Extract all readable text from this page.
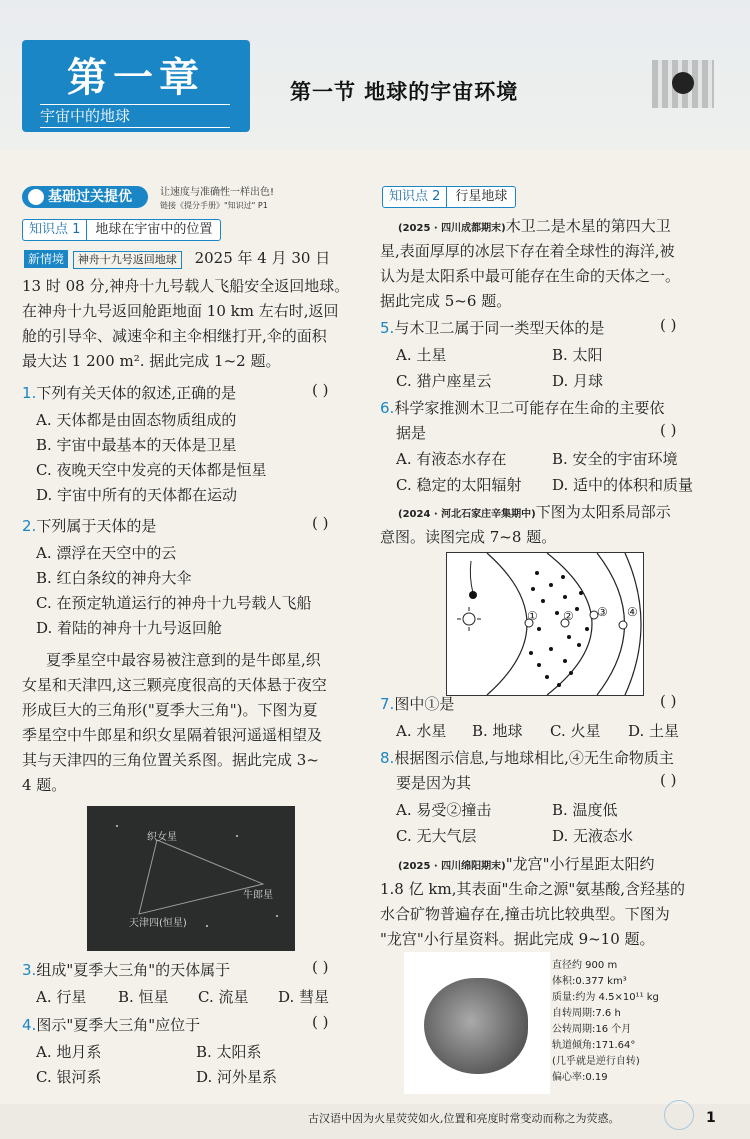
第一章
宇宙中的地球
第一节 地球的宇宙环境
基础过关提优	让速度与准确性一样出色!
链接《提分手册》"知识过" P1
知识点 1 地球在宇宙中的位置
新情境 神舟十九号返回地球 2025 年 4 月 30 日
13 时 08 分,神舟十九号载人飞船安全返回地球。
在神舟十九号返回舱距地面 10 km 左右时,返回
舱的引导伞、减速伞和主伞相继打开,伞的面积
最大达 1 200 m². 据此完成 1~2 题。
1.下列有关天体的叙述,正确的是	( )
A. 天体都是由固态物质组成的
B. 宇宙中最基本的天体是卫星
C. 夜晚天空中发亮的天体都是恒星
D. 宇宙中所有的天体都在运动
2.下列属于天体的是	( )
A. 漂浮在天空中的云
B. 红白条纹的神舟大伞
C. 在预定轨道运行的神舟十九号载人飞船
D. 着陆的神舟十九号返回舱
夏季星空中最容易被注意到的是牛郎星,织
女星和天津四,这三颗亮度很高的天体悬于夜空
形成巨大的三角形("夏季大三角")。下图为夏
季星空中牛郎星和织女星隔着银河遥遥相望及
其与天津四的三角位置关系图。据此完成 3~
4 题。
织女星
牛郎星
天津四(恒星)
3.组成"夏季大三角"的天体属于	( )
A. 行星 B. 恒星 C. 流星 D. 彗星
4.图示"夏季大三角"应位于	( )
A. 地月系	B. 太阳系
C. 银河系	D. 河外星系
知识点 2 行星地球
(2025 · 四川成都期末)木卫二是木星的第四大卫
星,表面厚厚的冰层下存在着全球性的海洋,被
认为是太阳系中最可能存在生命的天体之一。
据此完成 5~6 题。
5.与木卫二属于同一类型天体的是	( )
A. 土星	B. 太阳
C. 猎户座星云	D. 月球
6.科学家推测木卫二可能存在生命的主要依
据是	( )
A. 有液态水存在	B. 安全的宇宙环境
C. 稳定的太阳辐射 D. 适中的体积和质量
(2024 · 河北石家庄辛集期中)下图为太阳系局部示
意图。读图完成 7~8 题。
① ② ③ ④
7.图中①是	( )
A. 水星 B. 地球 C. 火星 D. 土星
8.根据图示信息,与地球相比,④无生命物质主
要是因为其	( )
A. 易受②撞击	B. 温度低
C. 无大气层	D. 无液态水
(2025 · 四川绵阳期末)"龙宫"小行星距太阳约
1.8 亿 km,其表面"生命之源"氨基酸,含羟基的
水合矿物普遍存在,撞击坑比较典型。下图为
"龙宫"小行星资料。据此完成 9~10 题。
直径约 900 m
体积:0.377 km³
质量:约为 4.5×10¹¹ kg
自转周期:7.6 h
公转周期:16 个月
轨道倾角:171.64°
(几乎就是逆行自转)
偏心率:0.19
古汉语中因为火星荧荧如火,位置和亮度时常变动而称之为荧惑。	1
